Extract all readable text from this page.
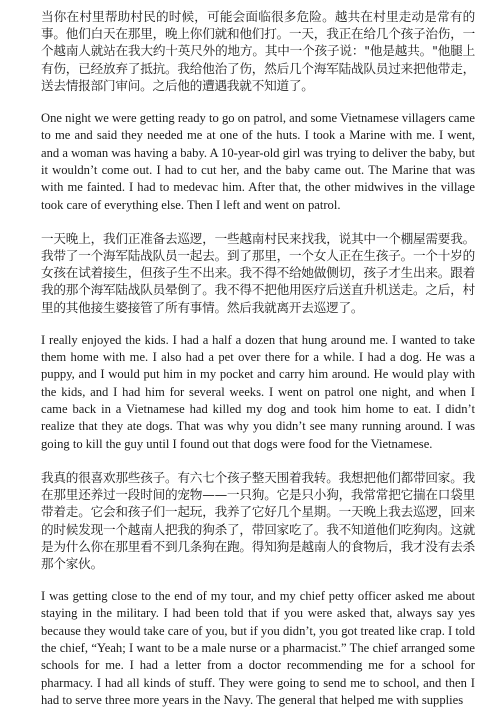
当你在村里帮助村民的时候，可能会面临很多危险。越共在村里走动是常有的事。他们白天在那里，晚上你们就和他们打。一天，我正在给几个孩子治伤，一个越南人就站在我大约十英尺外的地方。其中一个孩子说："他是越共。"他腿上有伤，已经放弃了抵抗。我给他治了伤，然后几个海军陆战队员过来把他带走，送去情报部门审问。之后他的遭遇我就不知道了。

One night we were getting ready to go on patrol, and some Vietnamese villagers came to me and said they needed me at one of the huts. I took a Marine with me. I went, and a woman was having a baby. A 10-year-old girl was trying to deliver the baby, but it wouldn’t come out. I had to cut her, and the baby came out. The Marine that was with me fainted. I had to medevac him. After that, the other midwives in the village took care of everything else. Then I left and went on patrol.

一天晚上，我们正准备去巡逻，一些越南村民来找我，说其中一个棚屋需要我。我带了一个海军陆战队员一起去。到了那里，一个女人正在生孩子。一个十岁的女孩在试着接生，但孩子生不出来。我不得不给她做侧切，孩子才生出来。跟着我的那个海军陆战队员晕倒了。我不得不把他用医疗后送直升机送走。之后，村里的其他接生婆接管了所有事情。然后我就离开去巡逻了。

I really enjoyed the kids. I had a half a dozen that hung around me. I wanted to take them home with me. I also had a pet over there for a while. I had a dog. He was a puppy, and I would put him in my pocket and carry him around. He would play with the kids, and I had him for several weeks. I went on patrol one night, and when I came back in a Vietnamese had killed my dog and took him home to eat. I didn’t realize that they ate dogs. That was why you didn’t see many running around. I was going to kill the guy until I found out that dogs were food for the Vietnamese.

我真的很喜欢那些孩子。有六七个孩子整天围着我转。我想把他们都带回家。我在那里还养过一段时间的宠物——一只狗。它是只小狗，我常常把它揣在口袋里带着走。它会和孩子们一起玩，我养了它好几个星期。一天晚上我去巡逻，回来的时候发现一个越南人把我的狗杀了，带回家吃了。我不知道他们吃狗肉。这就是为什么你在那里看不到几条狗在跑。得知狗是越南人的食物后，我才没有去杀那个家伙。

I was getting close to the end of my tour, and my chief petty officer asked me about staying in the military. I had been told that if you were asked that, always say yes because they would take care of you, but if you didn’t, you got treated like crap. I told the chief, “Yeah; I want to be a male nurse or a pharmacist.” The chief arranged some schools for me. I had a letter from a doctor recommending me for a school for pharmacy. I had all kinds of stuff. They were going to send me to school, and then I had to serve three more years in the Navy. The general that helped me with supplies
